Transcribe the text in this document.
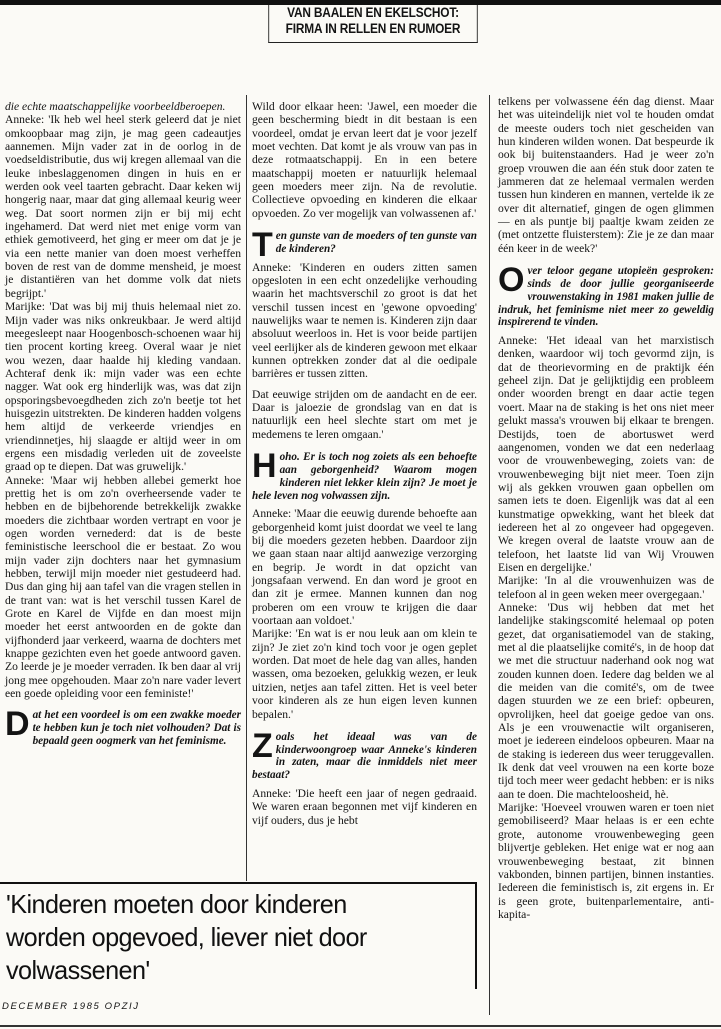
VAN BAALEN EN EKELSCHOT:
FIRMA IN RELLEN EN RUMOER

die echte maatschappelijke voorbeeldberoepen.

Anneke: 'Ik heb wel heel sterk geleerd dat je niet omkoopbaar mag zijn, je mag geen cadeautjes aannemen. Mijn vader zat in de oorlog in de voedseldistributie, dus wij kregen allemaal van die leuke inbeslaggenomen dingen in huis en er werden ook veel taarten gebracht. Daar keken wij hongerig naar, maar dat ging allemaal keurig weer weg. Dat soort normen zijn er bij mij echt ingehamerd. Dat werd niet met enige vorm van ethiek gemotiveerd, het ging er meer om dat je je via een nette manier van doen moest verheffen boven de rest van de domme mensheid, je moest je distantiëren van het domme volk dat niets begrijpt.'

Marijke: 'Dat was bij mij thuis helemaal niet zo. Mijn vader was niks onkreukbaar. Je werd altijd meegesleept naar Hoogenbosch-schoenen waar hij tien procent korting kreeg. Overal waar je niet wou wezen, daar haalde hij kleding vandaan. Achteraf denk ik: mijn vader was een echte nagger. Wat ook erg hinderlijk was, was dat zijn opsporingsbevoegdheden zich zo'n beetje tot het huisgezin uitstrekten. De kinderen hadden volgens hem altijd de verkeerde vriendjes en vriendinnetjes, hij slaagde er altijd weer in om ergens een misdadig verleden uit de zoveelste graad op te diepen. Dat was gruwelijk.'

Anneke: 'Maar wij hebben allebei gemerkt hoe prettig het is om zo'n overheersende vader te hebben en de bijbehorende betrekkelijk zwakke moeders die zichtbaar worden vertrapt en voor je ogen worden vernederd: dat is de beste feministische leerschool die er bestaat. Zo wou mijn vader zijn dochters naar het gymnasium hebben, terwijl mijn moeder niet gestudeerd had. Dus dan ging hij aan tafel van die vragen stellen in de trant van: wat is het verschil tussen Karel de Grote en Karel de Vijfde en dan moest mijn moeder het eerst antwoorden en de gokte dan vijfhonderd jaar verkeerd, waarna de dochters met knappe gezichten even het goede antwoord gaven. Zo leerde je je moeder verraden. Ik ben daar al vrij jong mee opgehouden. Maar zo'n nare vader levert een goede opleiding voor een feministe!'

Dat het een voordeel is om een zwakke moeder te hebben kun je toch niet volhouden? Dat is bepaald geen oogmerk van het feminisme.

Wild door elkaar heen: 'Jawel, een moeder die geen bescherming biedt in dit bestaan is een voordeel, omdat je ervan leert dat je voor jezelf moet vechten. Dat komt je als vrouw van pas in deze rotmaatschappij. En in een betere maatschappij moeten er natuurlijk helemaal geen moeders meer zijn. Na de revolutie. Collectieve opvoeding en kinderen die elkaar opvoeden. Zo ver mogelijk van volwassenen af.'

Ten gunste van de moeders of ten gunste van de kinderen?

Anneke: 'Kinderen en ouders zitten samen opgesloten in een echt onzedelijke verhouding waarin het machtsverschil zo groot is dat het verschil tussen incest en 'gewone opvoeding' nauwelijks waar te nemen is. Kinderen zijn daar absoluut weerloos in. Het is voor beide partijen veel eerlijker als de kinderen gewoon met elkaar kunnen optrekken zonder dat al die oedipale barrières er tussen zitten.

Dat eeuwige strijden om de aandacht en de eer. Daar is jaloezie de grondslag van en dat is natuurlijk een heel slechte start om met je medemens te leren omgaan.'

Hoho. Er is toch nog zoiets als een behoefte aan geborgenheid? Waarom mogen kinderen niet lekker klein zijn? Je moet je hele leven nog volwassen zijn.

Anneke: 'Maar die eeuwig durende behoefte aan geborgenheid komt juist doordat we veel te lang bij die moeders gezeten hebben. Daardoor zijn we gaan staan naar altijd aanwezige verzorging en begrip. Je wordt in dat opzicht van jongsafaan verwend. En dan word je groot en dan zit je ermee. Mannen kunnen dan nog proberen om een vrouw te krijgen die daar voortaan aan voldoet.'

Marijke: 'En wat is er nou leuk aan om klein te zijn? Je ziet zo'n kind toch voor je ogen geplet worden. Dat moet de hele dag van alles, handen wassen, oma bezoeken, gelukkig wezen, er leuk uitzien, netjes aan tafel zitten. Het is veel beter voor kinderen als ze hun eigen leven kunnen bepalen.'

Zoals het ideaal was van de kinderwoongroep waar Anneke's kinderen in zaten, maar die inmiddels niet meer bestaat?

Anneke: 'Die heeft een jaar of negen gedraaid. We waren eraan begonnen met vijf kinderen en vijf ouders, dus je hebt

telkens per volwassene één dag dienst. Maar het was uiteindelijk niet vol te houden omdat de meeste ouders toch niet gescheiden van hun kinderen wilden wonen. Dat bespeurde ik ook bij buitenstaanders. Had je weer zo'n groep vrouwen die aan één stuk door zaten te jammeren dat ze helemaal vermalen werden tussen hun kinderen en mannen, vertelde ik ze over dit alternatief, gingen de ogen glimmen — en als puntje bij paaltje kwam zeiden ze (met ontzette fluisterstem): Zie je ze dan maar één keer in de week?'

Over teloor gegane utopieën gesproken: sinds de door jullie georganiseerde vrouwenstaking in 1981 maken jullie de indruk, het feminisme niet meer zo geweldig inspirerend te vinden.

Anneke: 'Het ideaal van het marxistisch denken, waardoor wij toch gevormd zijn, is dat de theorievorming en de praktijk één geheel zijn. Dat je gelijktijdig een probleem onder woorden brengt en daar actie tegen voert. Maar na de staking is het ons niet meer gelukt massa's vrouwen bij elkaar te brengen. Destijds, toen de abortuswet werd aangenomen, vonden we dat een nederlaag voor de vrouwenbeweging, zoiets van: de vrouwenbeweging bijt niet meer. Toen zijn wij als gekken vrouwen gaan opbellen om samen iets te doen. Eigenlijk was dat al een kunstmatige opwekking, want het bleek dat iedereen het al zo ongeveer had opgegeven. We kregen overal de laatste vrouw aan de telefoon, het laatste lid van Wij Vrouwen Eisen en dergelijke.'

Marijke: 'In al die vrouwenhuizen was de telefoon al in geen weken meer overgegaan.'

Anneke: 'Dus wij hebben dat met het landelijke stakingscomité helemaal op poten gezet, dat organisatiemodel van de staking, met al die plaatselijke comité's, in de hoop dat we met die structuur naderhand ook nog wat zouden kunnen doen. Iedere dag belden we al die meiden van die comité's, om de twee dagen stuurden we ze een brief: opbeuren, opvrolijken, heel dat goeige gedoe van ons. Als je een vrouwenactie wilt organiseren, moet je iedereen eindeloos opbeuren. Maar na de staking is iedereen dus weer teruggevallen. Ik denk dat veel vrouwen na een korte boze tijd toch meer weer gedacht hebben: er is niks aan te doen. Die machteloosheid, hè.

Marijke: 'Hoeveel vrouwen waren er toen niet gemobiliseerd? Maar helaas is er een echte grote, autonome vrouwenbeweging geen blijvertje gebleken. Het enige wat er nog aan vrouwenbeweging bestaat, zit binnen vakbonden, binnen partijen, binnen instanties. Iedereen die feministisch is, zit ergens in. Er is geen grote, buitenparlementaire, anti-kapita-

'Kinderen moeten door kinderen
worden opgevoed, liever niet door
volwassenen'
DECEMBER 1985 OPZIJ
